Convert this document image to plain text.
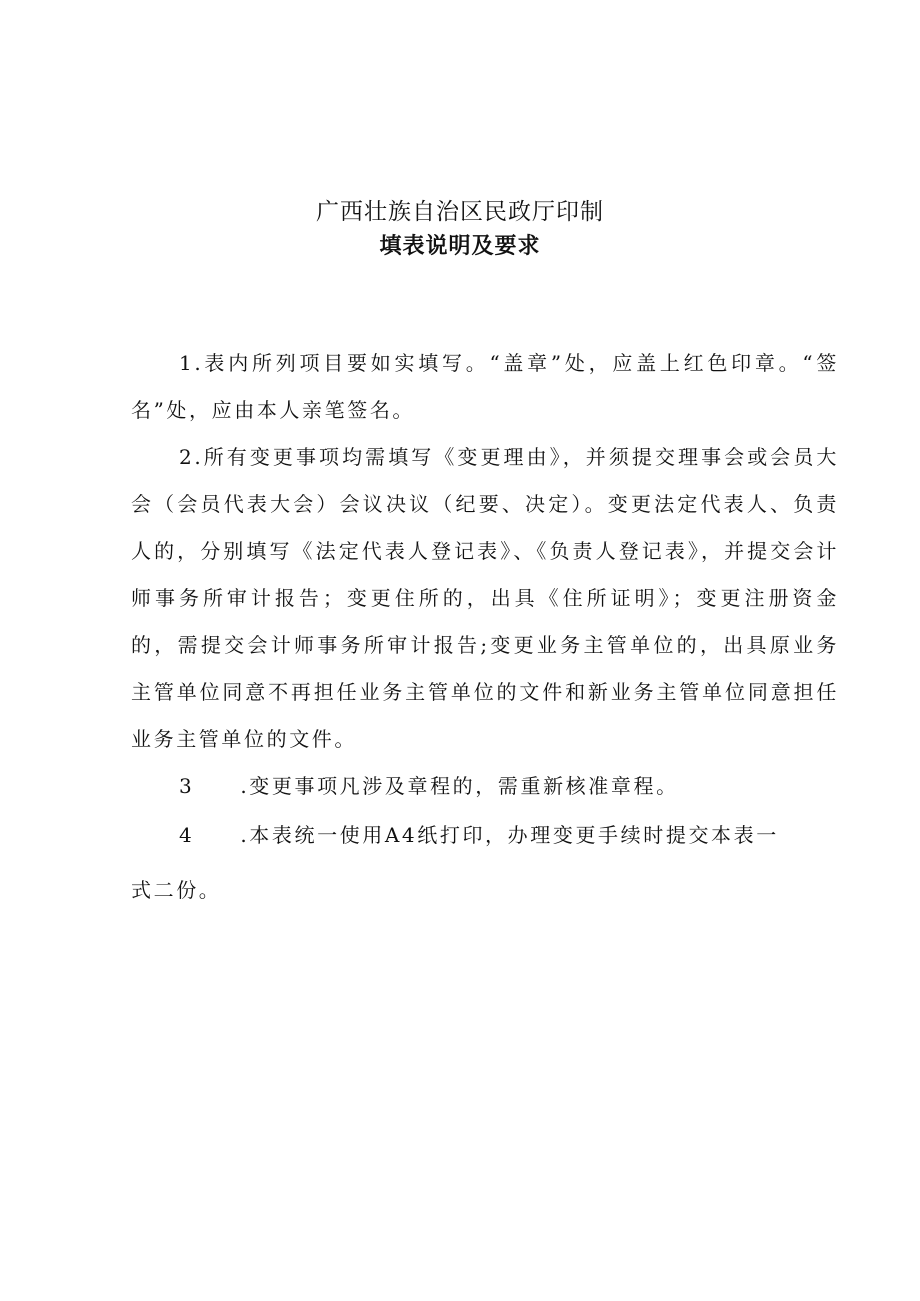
广西壮族自治区民政厅印制
填表说明及要求

1.表内所列项目要如实填写。“盖章”处，应盖上红色印章。“签名”处，应由本人亲笔签名。

2.所有变更事项均需填写《变更理由》，并须提交理事会或会员大会（会员代表大会）会议决议（纪要、决定）。变更法定代表人、负责人的，分别填写《法定代表人登记表》、《负责人登记表》，并提交会计师事务所审计报告；变更住所的，出具《住所证明》；变更注册资金的，需提交会计师事务所审计报告;变更业务主管单位的，出具原业务主管单位同意不再担任业务主管单位的文件和新业务主管单位同意担任业务主管单位的文件。

3 .变更事项凡涉及章程的，需重新核准章程。

4 .本表统一使用A4纸打印，办理变更手续时提交本表一

式二份。
